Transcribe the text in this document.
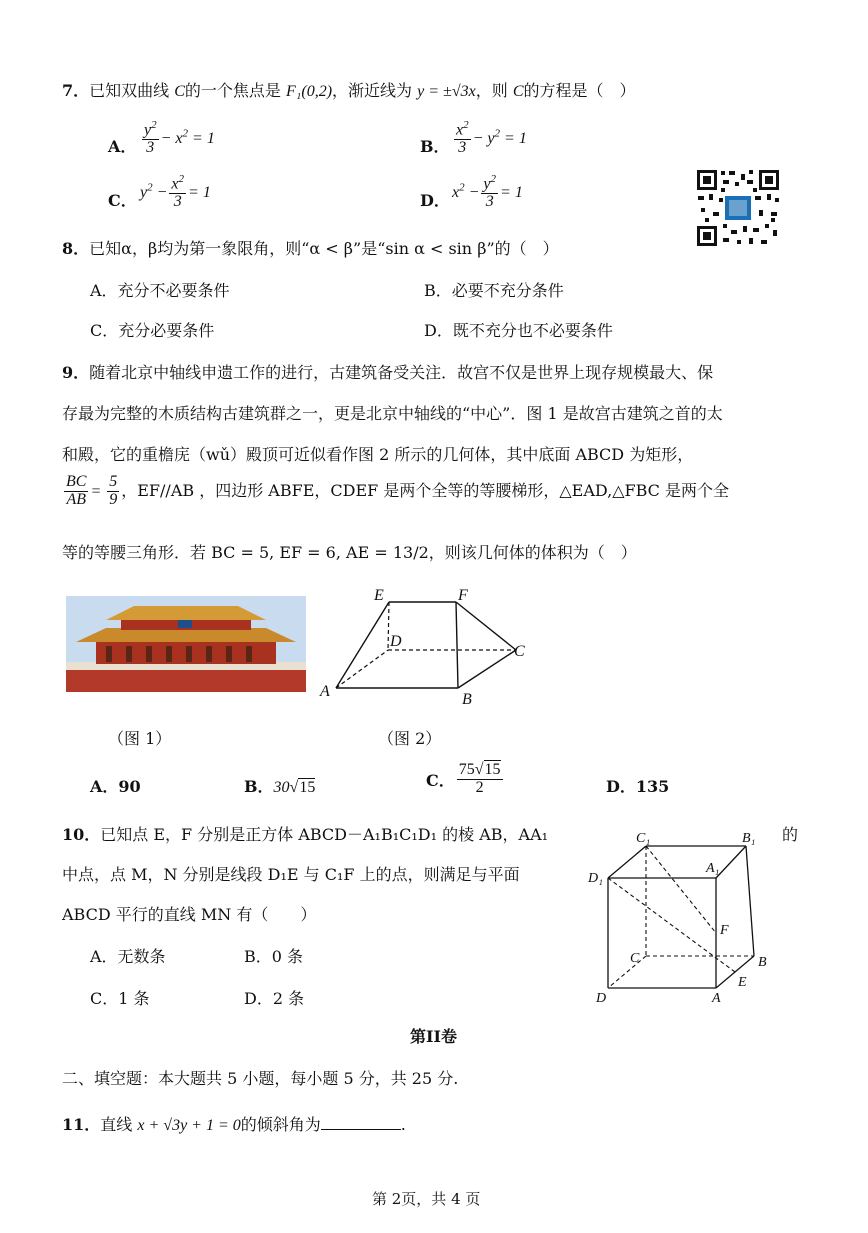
7．已知双曲线 C的一个焦点是 F₁(0,2)，渐近线为 y = ±√3x，则 C的方程是（　）
A． $\frac{y^2}{3} - x^2 = 1$	B． $\frac{x^2}{3} - y^2 = 1$
C． $y^2 - \frac{x^2}{3} = 1$	D． $x^2 - \frac{y^2}{3} = 1$
8．已知α，β均为第一象限角，则“α < β”是“sin α < sin β”的（　）
A．充分不必要条件	B．必要不充分条件
C．充分必要条件	D．既不充分也不必要条件
9．随着北京中轴线申遗工作的进行，古建筑备受关注．故宫不仅是世界上现存规模最大、保
存最为完整的木质结构古建筑群之一，更是北京中轴线的“中心”．图 1 是故宫古建筑之首的太
和殿，它的重檐庑（wǔ）殿顶可近似看作图 2 所示的几何体，其中底面 ABCD 为矩形，
$\frac{BC}{AB} = \frac{5}{9}$ ，EF//AB ，四边形 ABFE，CDEF 是两个全等的等腰梯形，△EAD,△FBC 是两个全
等的等腰三角形．若 BC = 5, EF = 6, AE = 13/2，则该几何体的体积为（　）
E	F
D
C
A	B
（图 1）	（图 2）
A．90	B．30√15	C． $\frac{75√15}{2}$	D．135
10．已知点 E，F 分别是正方体 ABCD－A₁B₁C₁D₁ 的棱 AB，AA₁	的
中点，点 M，N 分别是线段 D₁E 与 C₁F 上的点，则满足与平面
ABCD 平行的直线 MN 有（　　）
A．无数条	B．0 条
C．1 条	D．2 条
C₁	B₁
A₁
D₁
F
C	B
E
D	A
第II卷
二、填空题：本大题共 5 小题，每小题 5 分，共 25 分.
11．直线 x + √3y + 1 = 0的倾斜角为	.
第 2页，共 4 页
